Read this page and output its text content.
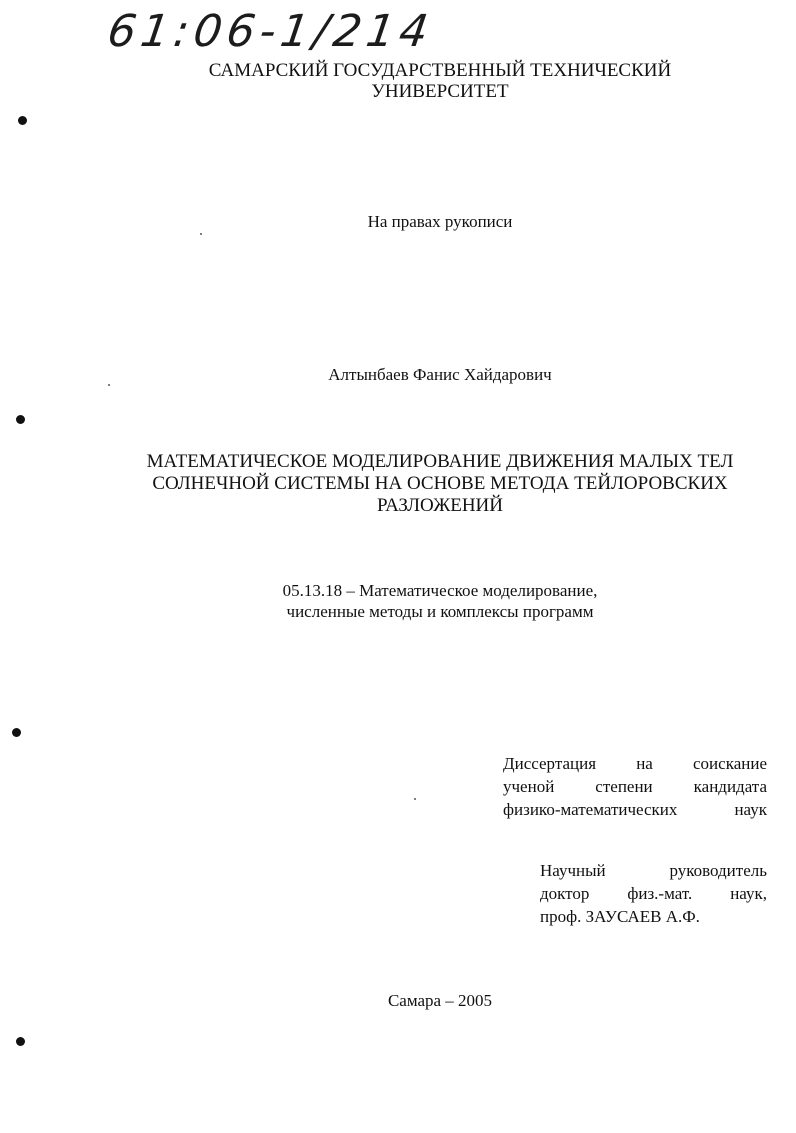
61:06-1/214
САМАРСКИЙ ГОСУДАРСТВЕННЫЙ ТЕХНИЧЕСКИЙ
УНИВЕРСИТЕТ
На правах рукописи
Алтынбаев Фанис Хайдарович
МАТЕМАТИЧЕСКОЕ МОДЕЛИРОВАНИЕ ДВИЖЕНИЯ МАЛЫХ ТЕЛ
СОЛНЕЧНОЙ СИСТЕМЫ НА ОСНОВЕ МЕТОДА ТЕЙЛОРОВСКИХ
РАЗЛОЖЕНИЙ
05.13.18 – Математическое моделирование,
численные методы и комплексы программ
Диссертация на соискание
ученой степени кандидата
физико-математических наук
Научный руководитель
доктор физ.-мат. наук,
проф. ЗАУСАЕВ А.Ф.
Самара – 2005
